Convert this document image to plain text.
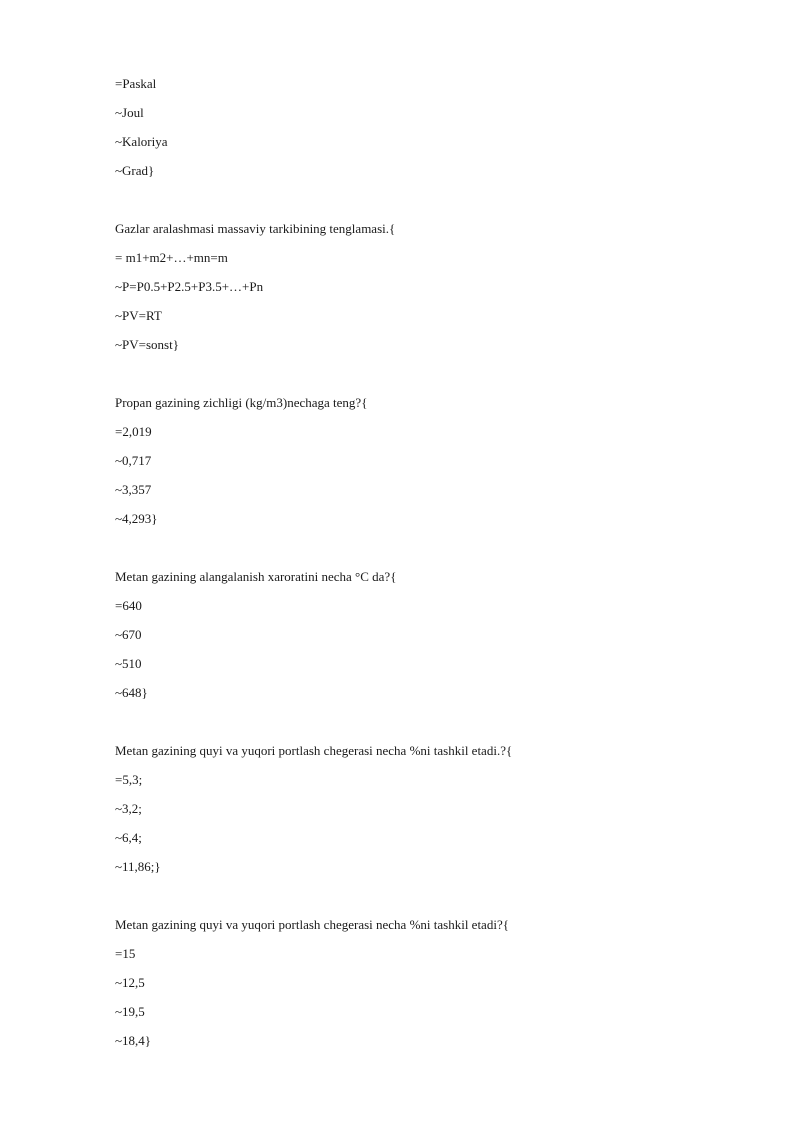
=Paskal
~Joul
~Kaloriya
~Grad}
Gazlar aralashmasi massaviy tarkibining tenglamasi.{
= m1+m2+…+mn=m
~P=P0.5+P2.5+P3.5+…+Pn
~PV=RT
~PV=sonst}
Propan gazining zichligi (kg/m3)nechaga teng?{
=2,019
~0,717
~3,357
~4,293}
Metan gazining alangalanish xaroratini necha °C da?{
=640
~670
~510
~648}
Metan gazining quyi va yuqori portlash chegerasi necha %ni tashkil etadi.?{
=5,3;
~3,2;
~6,4;
~11,86;}
Metan gazining quyi va yuqori portlash chegerasi necha %ni tashkil etadi?{
=15
~12,5
~19,5
~18,4}
